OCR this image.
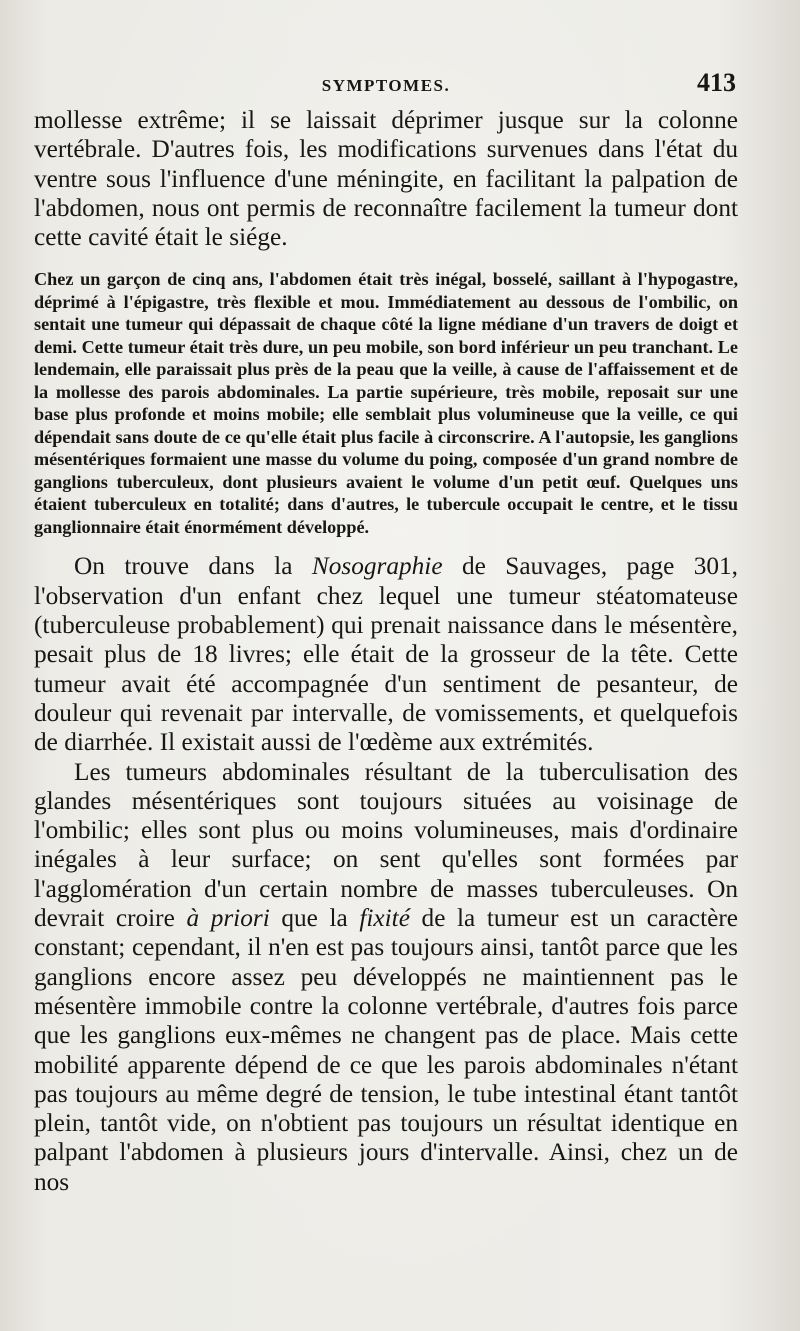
SYMPTOMES.	413

mollesse extrême; il se laissait déprimer jusque sur la colonne vertébrale. D'autres fois, les modifications survenues dans l'état du ventre sous l'influence d'une méningite, en facilitant la palpation de l'abdomen, nous ont permis de reconnaître facilement la tumeur dont cette cavité était le siége.

Chez un garçon de cinq ans, l'abdomen était très inégal, bosselé, saillant à l'hypogastre, déprimé à l'épigastre, très flexible et mou. Immédiatement au dessous de l'ombilic, on sentait une tumeur qui dépassait de chaque côté la ligne médiane d'un travers de doigt et demi. Cette tumeur était très dure, un peu mobile, son bord inférieur un peu tranchant. Le lendemain, elle paraissait plus près de la peau que la veille, à cause de l'affaissement et de la mollesse des parois abdominales. La partie supérieure, très mobile, reposait sur une base plus profonde et moins mobile; elle semblait plus volumineuse que la veille, ce qui dépendait sans doute de ce qu'elle était plus facile à circonscrire. A l'autopsie, les ganglions mésentériques formaient une masse du volume du poing, composée d'un grand nombre de ganglions tuberculeux, dont plusieurs avaient le volume d'un petit œuf. Quelques uns étaient tuberculeux en totalité; dans d'autres, le tubercule occupait le centre, et le tissu ganglionnaire était énormément développé.

On trouve dans la Nosographie de Sauvages, page 301, l'observation d'un enfant chez lequel une tumeur stéatomateuse (tuberculeuse probablement) qui prenait naissance dans le mésentère, pesait plus de 18 livres; elle était de la grosseur de la tête. Cette tumeur avait été accompagnée d'un sentiment de pesanteur, de douleur qui revenait par intervalle, de vomissements, et quelquefois de diarrhée. Il existait aussi de l'œdème aux extrémités.

Les tumeurs abdominales résultant de la tuberculisation des glandes mésentériques sont toujours situées au voisinage de l'ombilic; elles sont plus ou moins volumineuses, mais d'ordinaire inégales à leur surface; on sent qu'elles sont formées par l'agglomération d'un certain nombre de masses tuberculeuses. On devrait croire à priori que la fixité de la tumeur est un caractère constant; cependant, il n'en est pas toujours ainsi, tantôt parce que les ganglions encore assez peu développés ne maintiennent pas le mésentère immobile contre la colonne vertébrale, d'autres fois parce que les ganglions eux-mêmes ne changent pas de place. Mais cette mobilité apparente dépend de ce que les parois abdominales n'étant pas toujours au même degré de tension, le tube intestinal étant tantôt plein, tantôt vide, on n'obtient pas toujours un résultat identique en palpant l'abdomen à plusieurs jours d'intervalle. Ainsi, chez un de nos
